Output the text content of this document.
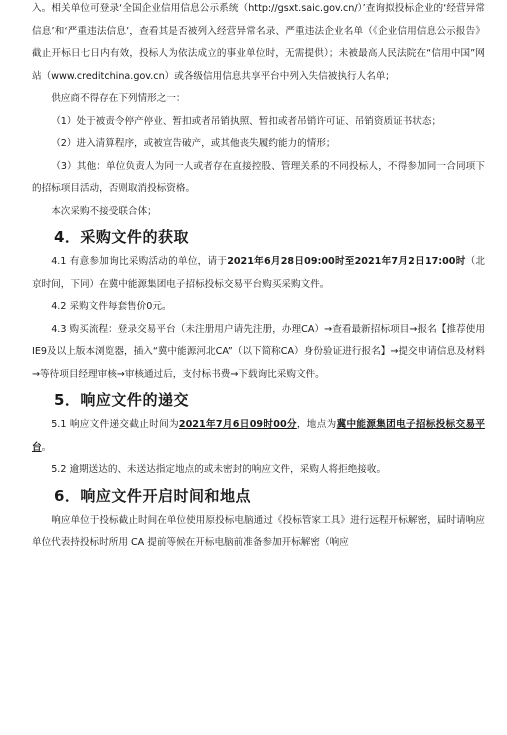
入。相关单位可登录‘全国企业信用信息公示系统（http://gsxt.saic.gov.cn/）’查询拟投标企业的‘经营异常信息’和‘严重违法信息’，查看其是否被列入经营异常名录、严重违法企业名单（《企业信用信息公示报告》截止开标日七日内有效，投标人为依法成立的事业单位时，无需提供）；未被最高人民法院在“信用中国”网站（www.creditchina.gov.cn）或各级信用信息共享平台中列入失信被执行人名单；

供应商不得存在下列情形之一：

（1）处于被责令停产停业、暂扣或者吊销执照、暂扣或者吊销许可证、吊销资质证书状态；

（2）进入清算程序，或被宣告破产，或其他丧失履约能力的情形；

（3）其他：单位负责人为同一人或者存在直接控股、管理关系的不同投标人，不得参加同一合同项下的招标项目活动，否则取消投标资格。

本次采购不接受联合体；

4．采购文件的获取

4.1 有意参加询比采购活动的单位，请于2021年6月28日09:00时至2021年7月2日17:00时（北京时间，下同）在冀中能源集团电子招标投标交易平台购买采购文件。

4.2 采购文件每套售价0元。

4.3 购买流程：登录交易平台（未注册用户请先注册，办理CA）→查看最新招标项目→报名【推荐使用IE9及以上版本浏览器，插入“冀中能源河北CA”（以下简称CA）身份验证进行报名】→提交申请信息及材料→等待项目经理审核→审核通过后，支付标书费→下载询比采购文件。

5．响应文件的递交

5.1 响应文件递交截止时间为2021年7月6日09时00分，地点为冀中能源集团电子招标投标交易平台。

5.2 逾期送达的、未送达指定地点的或未密封的响应文件，采购人将拒绝接收。

6．响应文件开启时间和地点

响应单位于投标截止时间在单位使用原投标电脑通过《投标管家工具》进行远程开标解密，届时请响应单位代表持投标时所用 CA 提前等候在开标电脑前准备参加开标解密（响应
